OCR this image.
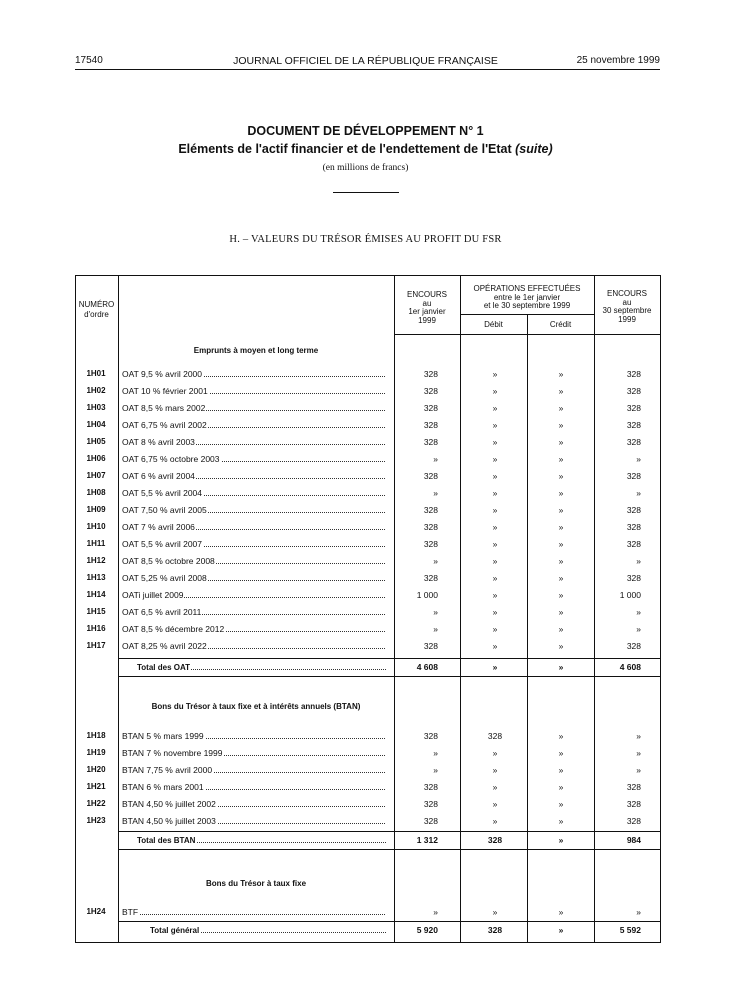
17540	JOURNAL OFFICIEL DE LA RÉPUBLIQUE FRANÇAISE	25 novembre 1999
DOCUMENT DE DÉVELOPPEMENT N° 1
Eléments de l'actif financier et de l'endettement de l'Etat (suite)
(en millions de francs)
H. – VALEURS DU TRÉSOR ÉMISES AU PROFIT DU FSR
NUMÉRO
d'ordre
ENCOURS
au
1er janvier
1999
OPÉRATIONS EFFECTUÉES
entre le 1er janvier
et le 30 septembre 1999
Débit	Crédit
ENCOURS
au
30 septembre
1999
Emprunts à moyen et long terme
1H01	OAT 9,5 % avril 2000	328	»	»	328
1H02	OAT 10 % février 2001	328	»	»	328
1H03	OAT 8,5 % mars 2002	328	»	»	328
1H04	OAT 6,75 % avril 2002	328	»	»	328
1H05	OAT 8 % avril 2003	328	»	»	328
1H06	OAT 6,75 % octobre 2003	»	»	»	»
1H07	OAT 6 % avril 2004	328	»	»	328
1H08	OAT 5,5 % avril 2004	»	»	»	»
1H09	OAT 7,50 % avril 2005	328	»	»	328
1H10	OAT 7 % avril 2006	328	»	»	328
1H11	OAT 5,5 % avril 2007	328	»	»	328
1H12	OAT 8,5 % octobre 2008	»	»	»	»
1H13	OAT 5,25 % avril 2008	328	»	»	328
1H14	OATi juillet 2009	1 000	»	»	1 000
1H15	OAT 6,5 % avril 2011	»	»	»	»
1H16	OAT 8,5 % décembre 2012	»	»	»	»
1H17	OAT 8,25 % avril 2022	328	»	»	328
Total des OAT	4 608	»	»	4 608
Bons du Trésor à taux fixe et à intérêts annuels (BTAN)
1H18	BTAN 5 % mars 1999	328	328	»	»
1H19	BTAN 7 % novembre 1999	»	»	»	»
1H20	BTAN 7,75 % avril 2000	»	»	»	»
1H21	BTAN 6 % mars 2001	328	»	»	328
1H22	BTAN 4,50 % juillet 2002	328	»	»	328
1H23	BTAN 4,50 % juillet 2003	328	»	»	328
Total des BTAN	1 312	328	»	984
Bons du Trésor à taux fixe
1H24	BTF	»	»	»	»
Total général	5 920	328	»	5 592
